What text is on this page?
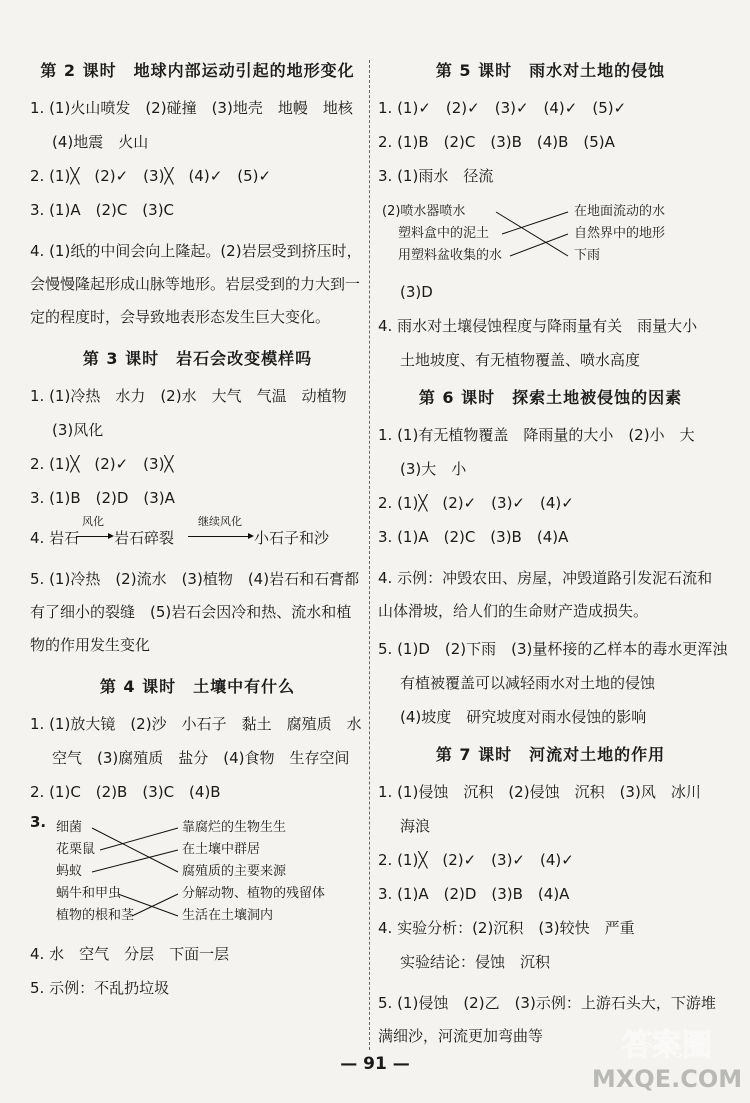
第 2 课时　地球内部运动引起的地形变化
1. (1)火山喷发　(2)碰撞　(3)地壳　地幔　地核
(4)地震　火山
2. (1)╳　(2)✓　(3)╳　(4)✓　(5)✓
3. (1)A　(2)C　(3)C
4. (1)纸的中间会向上隆起。(2)岩层受到挤压时，会慢慢隆起形成山脉等地形。岩层受到的力大到一定的程度时，会导致地表形态发生巨大变化。
第 3 课时　岩石会改变模样吗
1. (1)冷热　水力　(2)水　大气　气温　动植物
(3)风化
2. (1)╳　(2)✓　(3)╳
3. (1)B　(2)D　(3)A
4. 岩石
风化
岩石碎裂
继续风化
小石子和沙
5. (1)冷热　(2)流水　(3)植物　(4)岩石和石膏都有了细小的裂缝　(5)岩石会因冷和热、流水和植物的作用发生变化
第 4 课时　土壤中有什么
1. (1)放大镜　(2)沙　小石子　黏土　腐殖质　水
空气　(3)腐殖质　盐分　(4)食物　生存空间
2. (1)C　(2)B　(3)C　(4)B
3. 细菌
花栗鼠
蚂蚁
蜗牛和甲虫
植物的根和茎
靠腐烂的生物生生
在土壤中群居
腐殖质的主要来源
分解动物、植物的残留体
生活在土壤洞内
4. 水　空气　分层　下面一层
5. 示例：不乱扔垃圾
第 5 课时　雨水对土地的侵蚀
1. (1)✓　(2)✓　(3)✓　(4)✓　(5)✓
2. (1)B　(2)C　(3)B　(4)B　(5)A
3. (1)雨水　径流
(2)喷水器喷水
塑料盒中的泥土
用塑料盆收集的水
在地面流动的水
自然界中的地形
下雨
(3)D
4. 雨水对土壤侵蚀程度与降雨量有关　雨量大小
土地坡度、有无植物覆盖、喷水高度
第 6 课时　探索土地被侵蚀的因素
1. (1)有无植物覆盖　降雨量的大小　(2)小　大
(3)大　小
2. (1)╳　(2)✓　(3)✓　(4)✓
3. (1)A　(2)C　(3)B　(4)A
4. 示例：冲毁农田、房屋，冲毁道路引发泥石流和山体滑坡，给人们的生命财产造成损失。
5. (1)D　(2)下雨　(3)量杯接的乙样本的毒水更浑浊
有植被覆盖可以减轻雨水对土地的侵蚀
(4)坡度　研究坡度对雨水侵蚀的影响
第 7 课时　河流对土地的作用
1. (1)侵蚀　沉积　(2)侵蚀　沉积　(3)风　冰川
海浪
2. (1)╳　(2)✓　(3)✓　(4)✓
3. (1)A　(2)D　(3)B　(4)A
4. 实验分析：(2)沉积　(3)较快　严重
实验结论：侵蚀　沉积
5. (1)侵蚀　(2)乙　(3)示例：上游石头大，下游堆满细沙，河流更加弯曲等
— 91 —
答案圈
MXQE.COM
